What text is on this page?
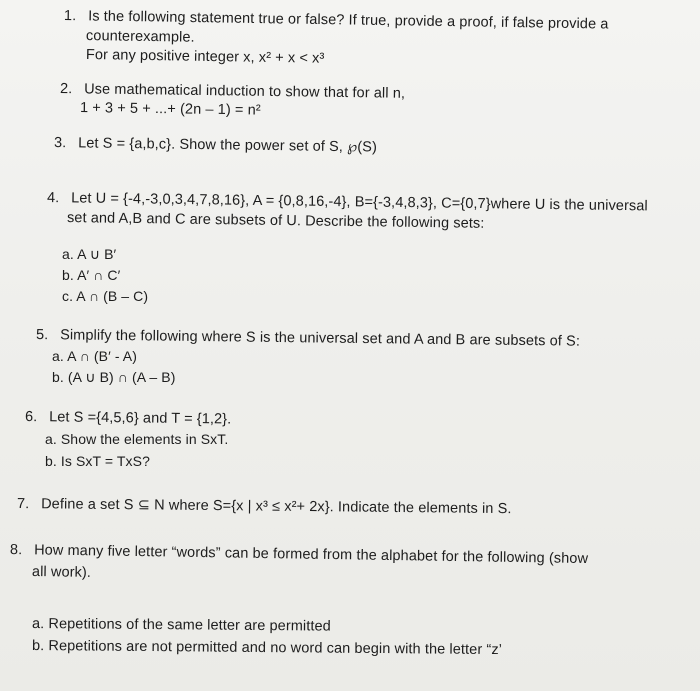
1. Is the following statement true or false? If true, provide a proof, if false provide a
counterexample.
For any positive integer x, x² + x < x³
2. Use mathematical induction to show that for all n,
1 + 3 + 5 + ...+ (2n – 1) = n²
3. Let S = {a,b,c}. Show the power set of S, ℘(S)
4. Let U = {-4,-3,0,3,4,7,8,16}, A = {0,8,16,-4}, B={-3,4,8,3}, C={0,7}where U is the universal
set and A,B and C are subsets of U. Describe the following sets:
a. A ∪ B′
b. A′ ∩ C′
c. A ∩ (B – C)
5. Simplify the following where S is the universal set and A and B are subsets of S:
a. A ∩ (B′ - A)
b. (A ∪ B) ∩ (A – B)
6. Let S ={4,5,6} and T = {1,2}.
a. Show the elements in SxT.
b. Is SxT = TxS?
7. Define a set S ⊆ N where S={x | x³ ≤ x²+ 2x}. Indicate the elements in S.
8. How many five letter “words” can be formed from the alphabet for the following (show
all work).
a. Repetitions of the same letter are permitted
b. Repetitions are not permitted and no word can begin with the letter “z’
